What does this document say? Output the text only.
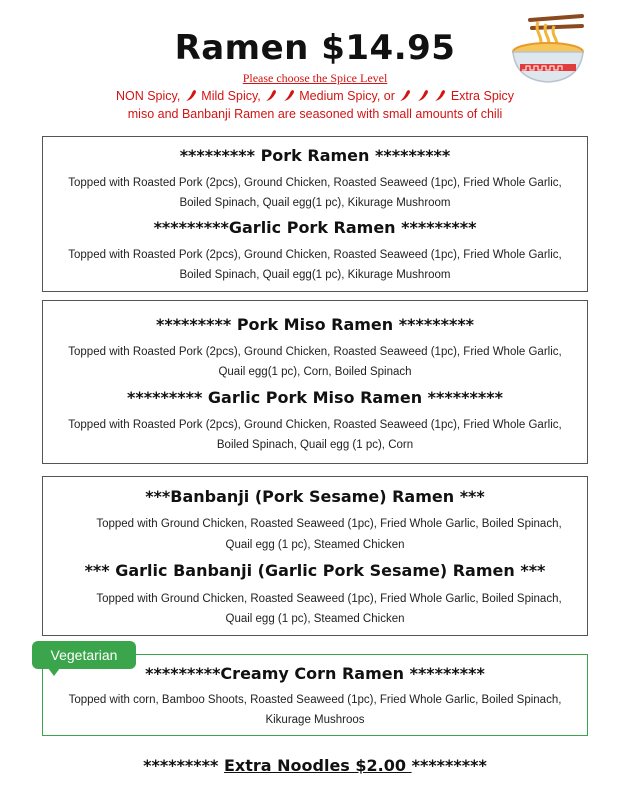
Ramen $14.95
Please choose the Spice Level
NON Spicy, Mild Spicy,	Medium Spicy, or	Extra Spicy
miso and Banbanji Ramen are seasoned with small amounts of chili
********* Pork Ramen *********
Topped with Roasted Pork (2pcs), Ground Chicken, Roasted Seaweed (1pc), Fried Whole Garlic,
Boiled Spinach, Quail egg(1 pc), Kikurage Mushroom
*********Garlic Pork Ramen *********
Topped with Roasted Pork (2pcs), Ground Chicken, Roasted Seaweed (1pc), Fried Whole Garlic,
Boiled Spinach, Quail egg(1 pc), Kikurage Mushroom
********* Pork Miso Ramen *********
Topped with Roasted Pork (2pcs), Ground Chicken, Roasted Seaweed (1pc), Fried Whole Garlic,
Quail egg(1 pc), Corn, Boiled Spinach
********* Garlic Pork Miso Ramen *********
Topped with Roasted Pork (2pcs), Ground Chicken, Roasted Seaweed (1pc), Fried Whole Garlic,
Boiled Spinach, Quail egg (1 pc), Corn
***Banbanji (Pork Sesame) Ramen ***
Topped with Ground Chicken, Roasted Seaweed (1pc), Fried Whole Garlic, Boiled Spinach,
Quail egg (1 pc), Steamed Chicken
*** Garlic Banbanji (Garlic Pork Sesame) Ramen ***
Topped with Ground Chicken, Roasted Seaweed (1pc), Fried Whole Garlic, Boiled Spinach,
Quail egg (1 pc), Steamed Chicken
*********Creamy Corn Ramen *********
Topped with corn, Bamboo Shoots, Roasted Seaweed (1pc), Fried Whole Garlic, Boiled Spinach,
Kikurage Mushroos
Vegetarian
********* Extra Noodles $2.00 *********
